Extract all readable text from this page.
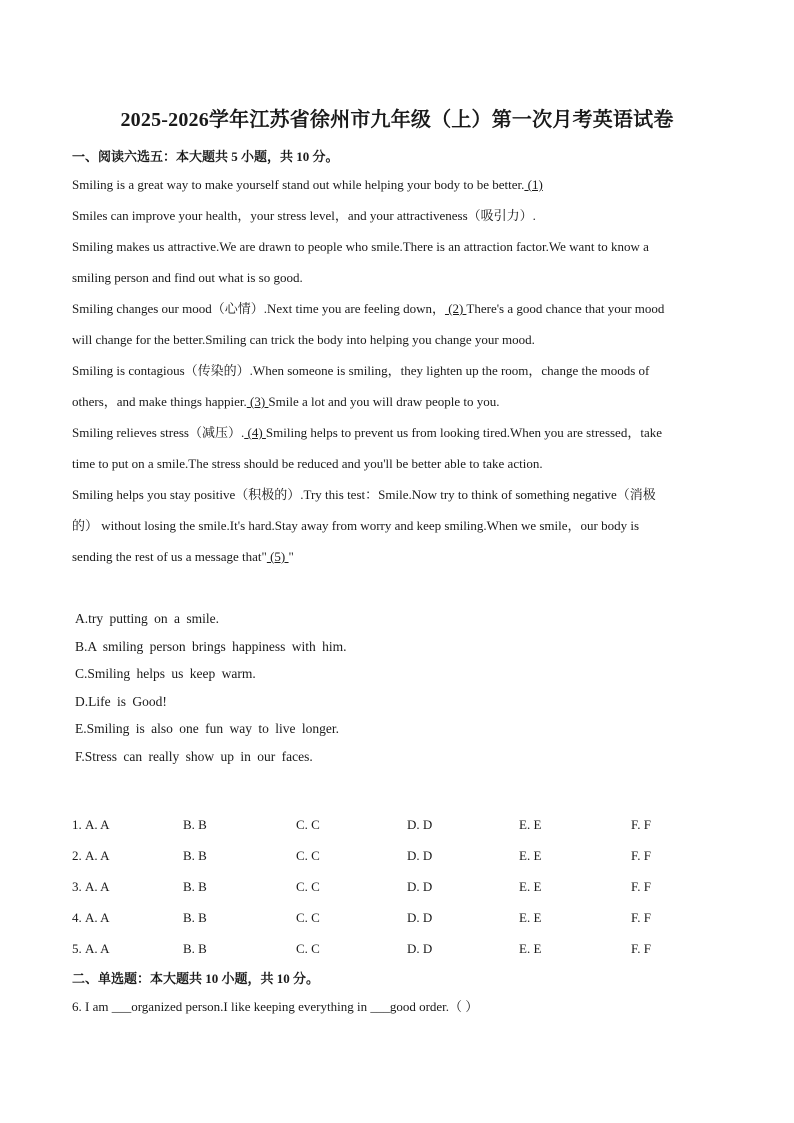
2025-2026学年江苏省徐州市九年级（上）第一次月考英语试卷
一、阅读六选五：本大题共 5 小题，共 10 分。
Smiling is a great way to make yourself stand out while helping your body to be better. (1)
Smiles can improve your health，your stress level，and your attractiveness（吸引力）.
Smiling makes us attractive.We are drawn to people who smile.There is an attraction factor.We want to know a
smiling person and find out what is so good.
Smiling changes our mood（心情）.Next time you are feeling down， (2) There's a good chance that your mood
will change for the better.Smiling can trick the body into helping you change your mood.
Smiling is contagious（传染的）.When someone is smiling，they lighten up the room，change the moods of
others，and make things happier. (3) Smile a lot and you will draw people to you.
Smiling relieves stress（减压）. (4) Smiling helps to prevent us from looking tired.When you are stressed，take
time to put on a smile.The stress should be reduced and you'll be better able to take action.
Smiling helps you stay positive（积极的）.Try this test：Smile.Now try to think of something negative（消极
的） without losing the smile.It's hard.Stay away from worry and keep smiling.When we smile，our body is
sending the rest of us a message that" (5) "
A.try putting on a smile.
B.A smiling person brings happiness with him.
C.Smiling helps us keep warm.
D.Life is Good!
E.Smiling is also one fun way to live longer.
F.Stress can really show up in our faces.
1. A. A	B. B	C. C	D. D	E. E	F. F
2. A. A	B. B	C. C	D. D	E. E	F. F
3. A. A	B. B	C. C	D. D	E. E	F. F
4. A. A	B. B	C. C	D. D	E. E	F. F
5. A. A	B. B	C. C	D. D	E. E	F. F
二、单选题：本大题共 10 小题，共 10 分。
6. I am ___organized person.I like keeping everything in ___good order.（ ）
